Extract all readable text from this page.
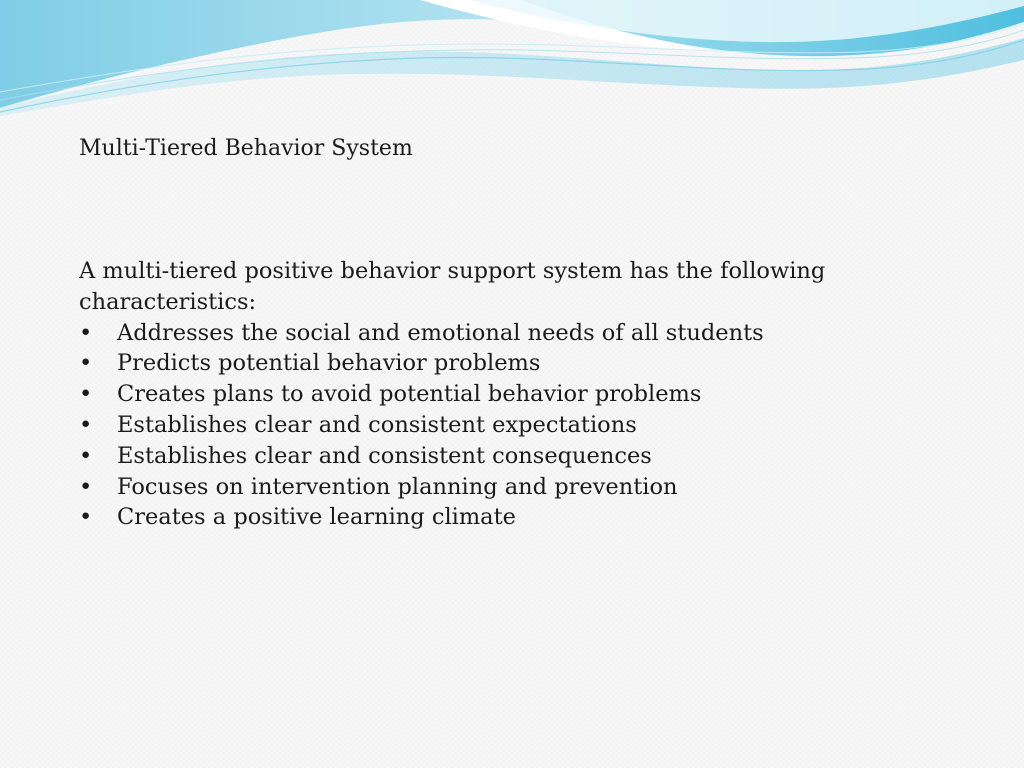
Multi-Tiered Behavior System

A multi-tiered positive behavior support system has the following characteristics:

• Addresses the social and emotional needs of all students
• Predicts potential behavior problems
• Creates plans to avoid potential behavior problems
• Establishes clear and consistent expectations
• Establishes clear and consistent consequences
• Focuses on intervention planning and prevention
• Creates a positive learning climate
